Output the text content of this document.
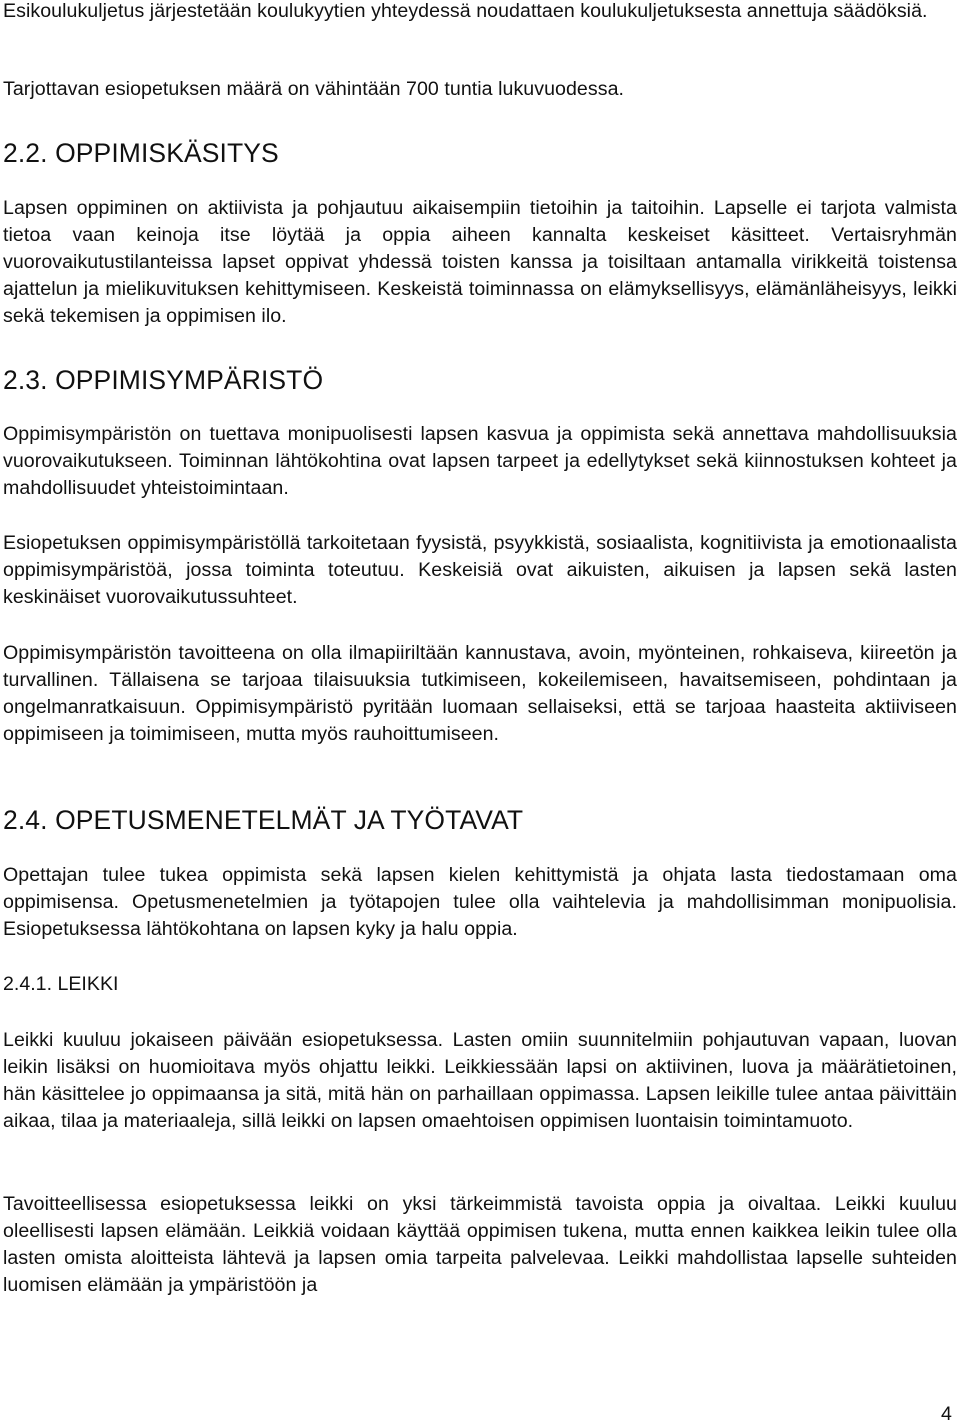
Esikoulukuljetus järjestetään koulukyytien yhteydessä noudattaen koulukuljetuksesta annettuja säädöksiä.

Tarjottavan esiopetuksen määrä on vähintään 700 tuntia lukuvuodessa.

2.2. OPPIMISKÄSITYS

Lapsen oppiminen on aktiivista ja pohjautuu aikaisempiin tietoihin ja taitoihin. Lapselle ei tarjota valmista tietoa vaan keinoja itse löytää ja oppia aiheen kannalta keskeiset käsitteet. Vertaisryhmän vuorovaikutustilanteissa lapset oppivat yhdessä toisten kanssa ja toisiltaan antamalla virikkeitä toistensa ajattelun ja mielikuvituksen kehittymiseen. Keskeistä toiminnassa on elämyksellisyys, elämänläheisyys, leikki sekä tekemisen ja oppimisen ilo.

2.3. OPPIMISYMPÄRISTÖ

Oppimisympäristön on tuettava monipuolisesti lapsen kasvua ja oppimista sekä annettava mahdollisuuksia vuorovaikutukseen. Toiminnan lähtökohtina ovat lapsen tarpeet ja edellytykset sekä kiinnostuksen kohteet ja mahdollisuudet yhteistoimintaan.

Esiopetuksen oppimisympäristöllä tarkoitetaan fyysistä, psyykkistä, sosiaalista, kognitiivista ja emotionaalista oppimisympäristöä, jossa toiminta toteutuu. Keskeisiä ovat aikuisten, aikuisen ja lapsen sekä lasten keskinäiset vuorovaikutussuhteet.

Oppimisympäristön tavoitteena on olla ilmapiiriltään kannustava, avoin, myönteinen, rohkaiseva, kiireetön ja turvallinen. Tällaisena se tarjoaa tilaisuuksia tutkimiseen, kokeilemiseen, havaitsemiseen, pohdintaan ja ongelmanratkaisuun. Oppimisympäristö pyritään luomaan sellaiseksi, että se tarjoaa haasteita aktiiviseen oppimiseen ja toimimiseen, mutta myös rauhoittumiseen.

2.4. OPETUSMENETELMÄT JA TYÖTAVAT

Opettajan tulee tukea oppimista sekä lapsen kielen kehittymistä ja ohjata lasta tiedostamaan oma oppimisensa. Opetusmenetelmien ja työtapojen tulee olla vaihtelevia ja mahdollisimman monipuolisia. Esiopetuksessa lähtökohtana on lapsen kyky ja halu oppia.

2.4.1. LEIKKI

Leikki kuuluu jokaiseen päivään esiopetuksessa. Lasten omiin suunnitelmiin pohjautuvan vapaan, luovan leikin lisäksi on huomioitava myös ohjattu leikki. Leikkiessään lapsi on aktiivinen, luova ja määrätietoinen, hän käsittelee jo oppimaansa ja sitä, mitä hän on parhaillaan oppimassa. Lapsen leikille tulee antaa päivittäin aikaa, tilaa ja materiaaleja, sillä leikki on lapsen omaehtoisen oppimisen luontaisin toimintamuoto.

Tavoitteellisessa esiopetuksessa leikki on yksi tärkeimmistä tavoista oppia ja oivaltaa. Leikki kuuluu oleellisesti lapsen elämään. Leikkiä voidaan käyttää oppimisen tukena, mutta ennen kaikkea leikin tulee olla lasten omista aloitteista lähtevä ja lapsen omia tarpeita palvelevaa. Leikki mahdollistaa lapselle suhteiden luomisen elämään ja ympäristöön ja

4
